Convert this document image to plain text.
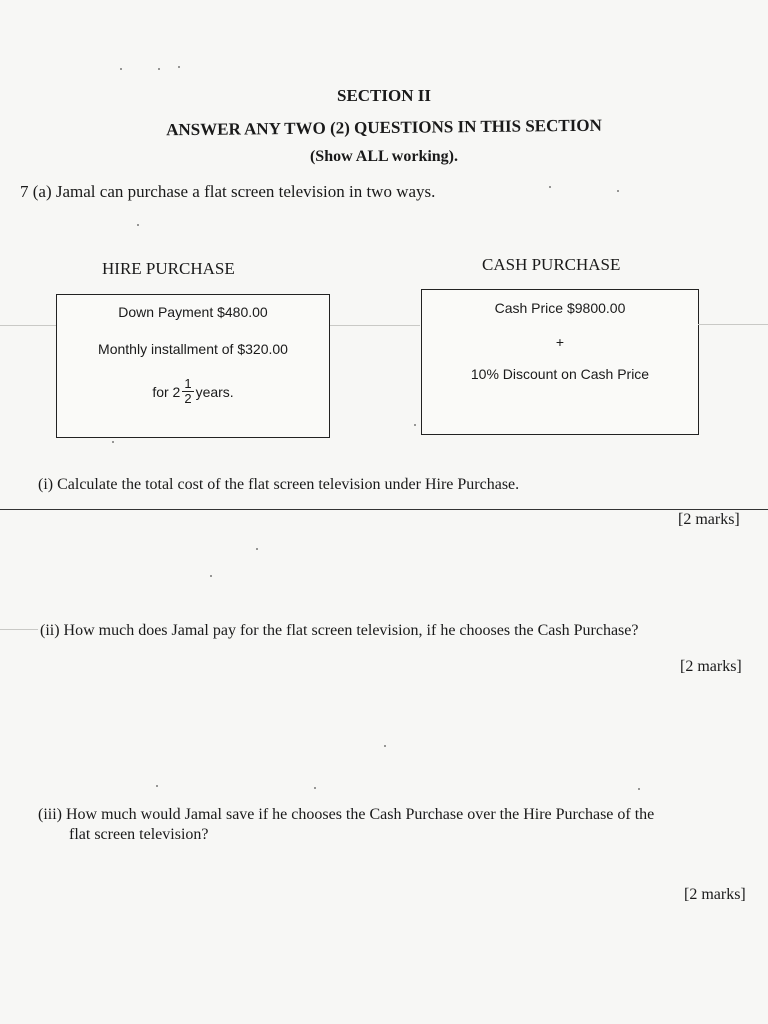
SECTION II
ANSWER ANY TWO (2) QUESTIONS IN THIS SECTION
(Show ALL working).
7 (a) Jamal can purchase a flat screen television in two ways.
HIRE PURCHASE	CASH PURCHASE
Down Payment $480.00
Monthly installment of $320.00
for $2 \frac{1}{2}$ years.
Cash Price $9800.00
+
10% Discount on Cash Price
(i) Calculate the total cost of the flat screen television under Hire Purchase.
[2 marks]
(ii) How much does Jamal pay for the flat screen television, if he chooses the Cash Purchase?
[2 marks]
(iii) How much would Jamal save if he chooses the Cash Purchase over the Hire Purchase of the
flat screen television?
[2 marks]
